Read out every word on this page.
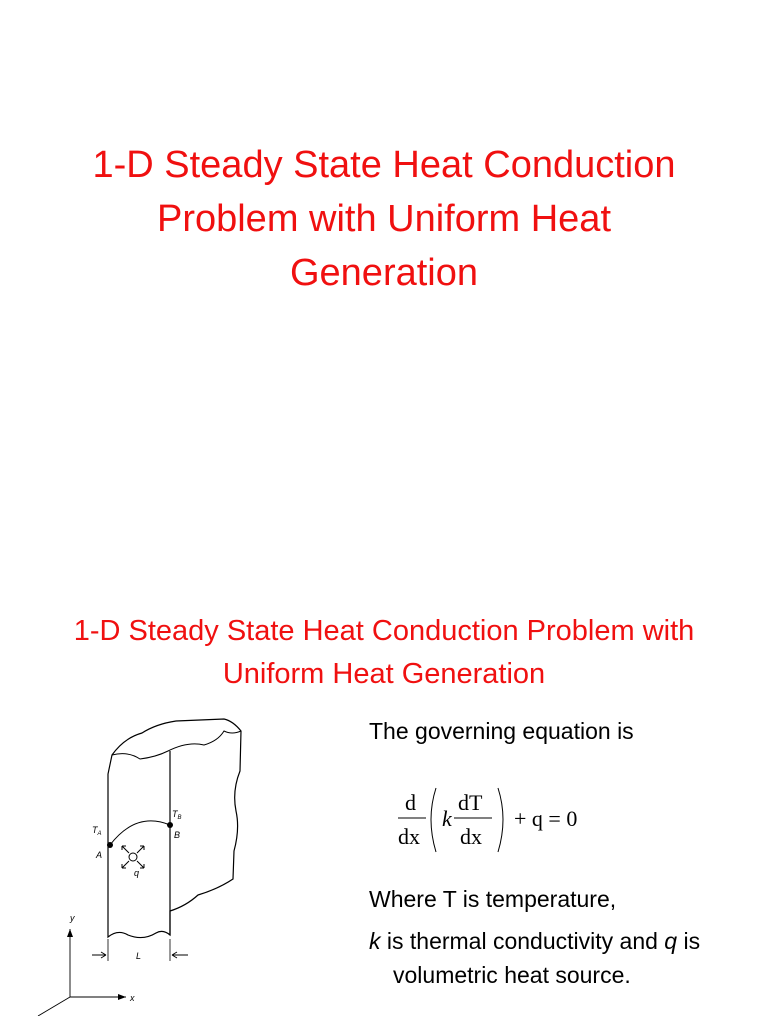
1-D Steady State Heat Conduction
Problem with Uniform Heat
Generation
1-D Steady State Heat Conduction Problem with
Uniform Heat Generation
The governing equation is
d
dx
k
dT
dx
+ q = 0
Where T is temperature,
k is thermal conductivity and q is
volumetric heat source.
$T_A$
$T_B$
A
B
q
L
y
x
